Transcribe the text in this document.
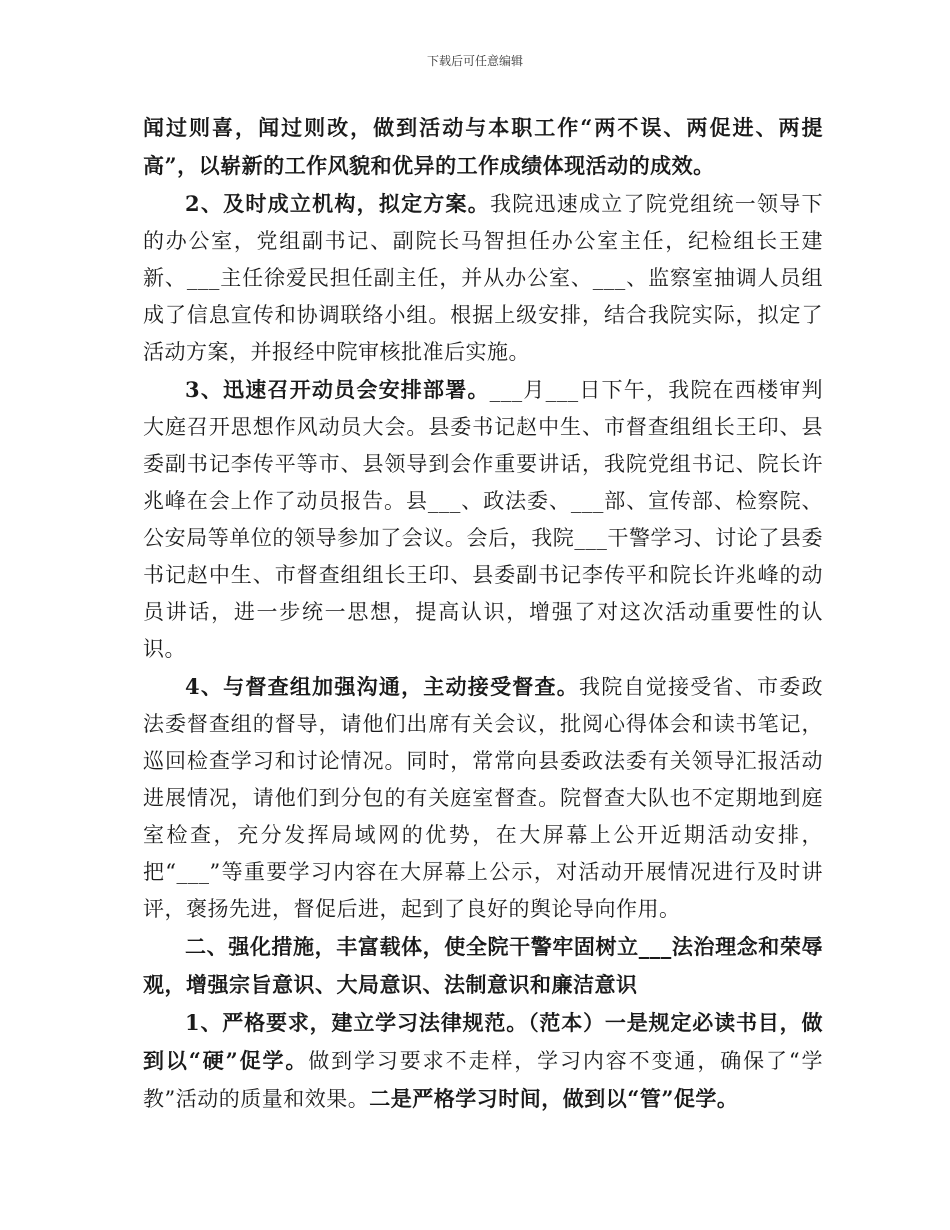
下载后可任意编辑

闻过则喜，闻过则改，做到活动与本职工作“两不误、两促进、两提高”，以崭新的工作风貌和优异的工作成绩体现活动的成效。

2、及时成立机构，拟定方案。我院迅速成立了院党组统一领导下的办公室，党组副书记、副院长马智担任办公室主任，纪检组长王建新、___主任徐爱民担任副主任，并从办公室、___、监察室抽调人员组成了信息宣传和协调联络小组。根据上级安排，结合我院实际，拟定了活动方案，并报经中院审核批准后实施。

3、迅速召开动员会安排部署。___月___日下午，我院在西楼审判大庭召开思想作风动员大会。县委书记赵中生、市督查组组长王印、县委副书记李传平等市、县领导到会作重要讲话，我院党组书记、院长许兆峰在会上作了动员报告。县___、政法委、___部、宣传部、检察院、公安局等单位的领导参加了会议。会后，我院___干警学习、讨论了县委书记赵中生、市督查组组长王印、县委副书记李传平和院长许兆峰的动员讲话，进一步统一思想，提高认识，增强了对这次活动重要性的认识。

4、与督查组加强沟通，主动接受督查。我院自觉接受省、市委政法委督查组的督导，请他们出席有关会议，批阅心得体会和读书笔记，巡回检查学习和讨论情况。同时，常常向县委政法委有关领导汇报活动进展情况，请他们到分包的有关庭室督查。院督查大队也不定期地到庭室检查，充分发挥局域网的优势，在大屏幕上公开近期活动安排，把“___”等重要学习内容在大屏幕上公示，对活动开展情况进行及时讲评，褒扬先进，督促后进，起到了良好的舆论导向作用。

二、强化措施，丰富载体，使全院干警牢固树立___法治理念和荣辱观，增强宗旨意识、大局意识、法制意识和廉洁意识

1、严格要求，建立学习法律规范。（范本）一是规定必读书目，做到以“硬”促学。做到学习要求不走样，学习内容不变通，确保了“学教”活动的质量和效果。二是严格学习时间，做到以“管”促学。
